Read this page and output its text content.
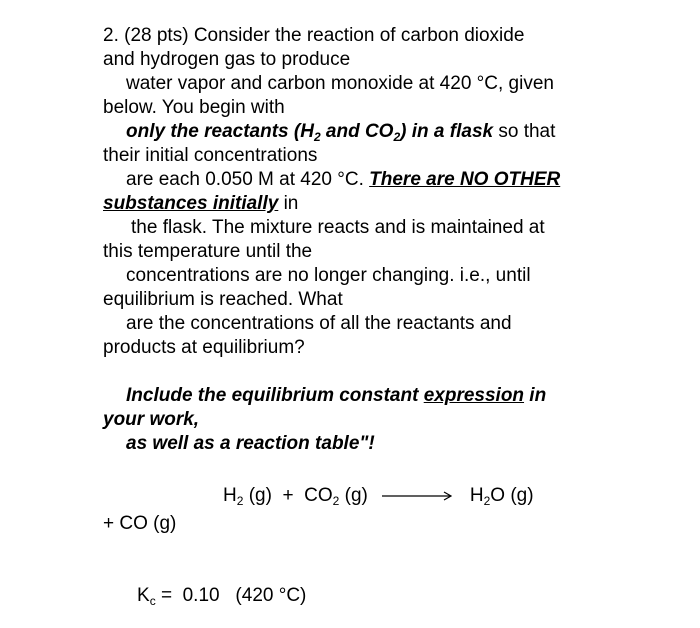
2. (28 pts) Consider the reaction of carbon dioxide
and hydrogen gas to produce
water vapor and carbon monoxide at 420 °C, given
below. You begin with
only the reactants ($H_2$ and $CO_2$) in a flask so that
their initial concentrations
are each 0.050 M at 420 °C. There are NO OTHER
substances initially in
the flask. The mixture reacts and is maintained at
this temperature until the
concentrations are no longer changing. i.e., until
equilibrium is reached. What
are the concentrations of all the reactants and
products at equilibrium?
Include the equilibrium constant expression in
your work,
as well as a reaction table"!
$H_2$ $(g) + CO_2$ $(g) \to H_2O$ (g)
+ CO (g)
$K_c = 0.10$   (420 °C)
